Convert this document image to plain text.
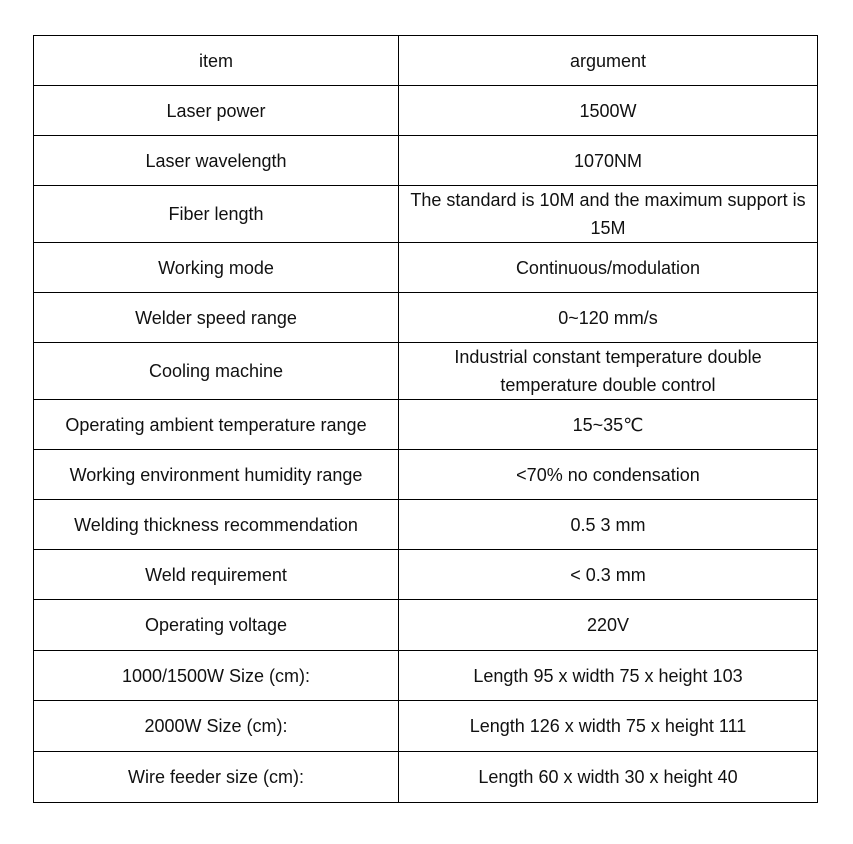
item	argument
Laser power	1500W
Laser wavelength	1070NM
Fiber length	The standard is 10M and the maximum support is 15M
Working mode	Continuous/modulation
Welder speed range	0~120 mm/s
Cooling machine	Industrial constant temperature double temperature double control
Operating ambient temperature range	15~35℃
Working environment humidity range	<70% no condensation
Welding thickness recommendation	0.5 3 mm
Weld requirement	< 0.3 mm
Operating voltage	220V
1000/1500W Size (cm):	Length 95 x width 75 x height 103
2000W Size (cm):	Length 126 x width 75 x height 111
Wire feeder size (cm):	Length 60 x width 30 x height 40
